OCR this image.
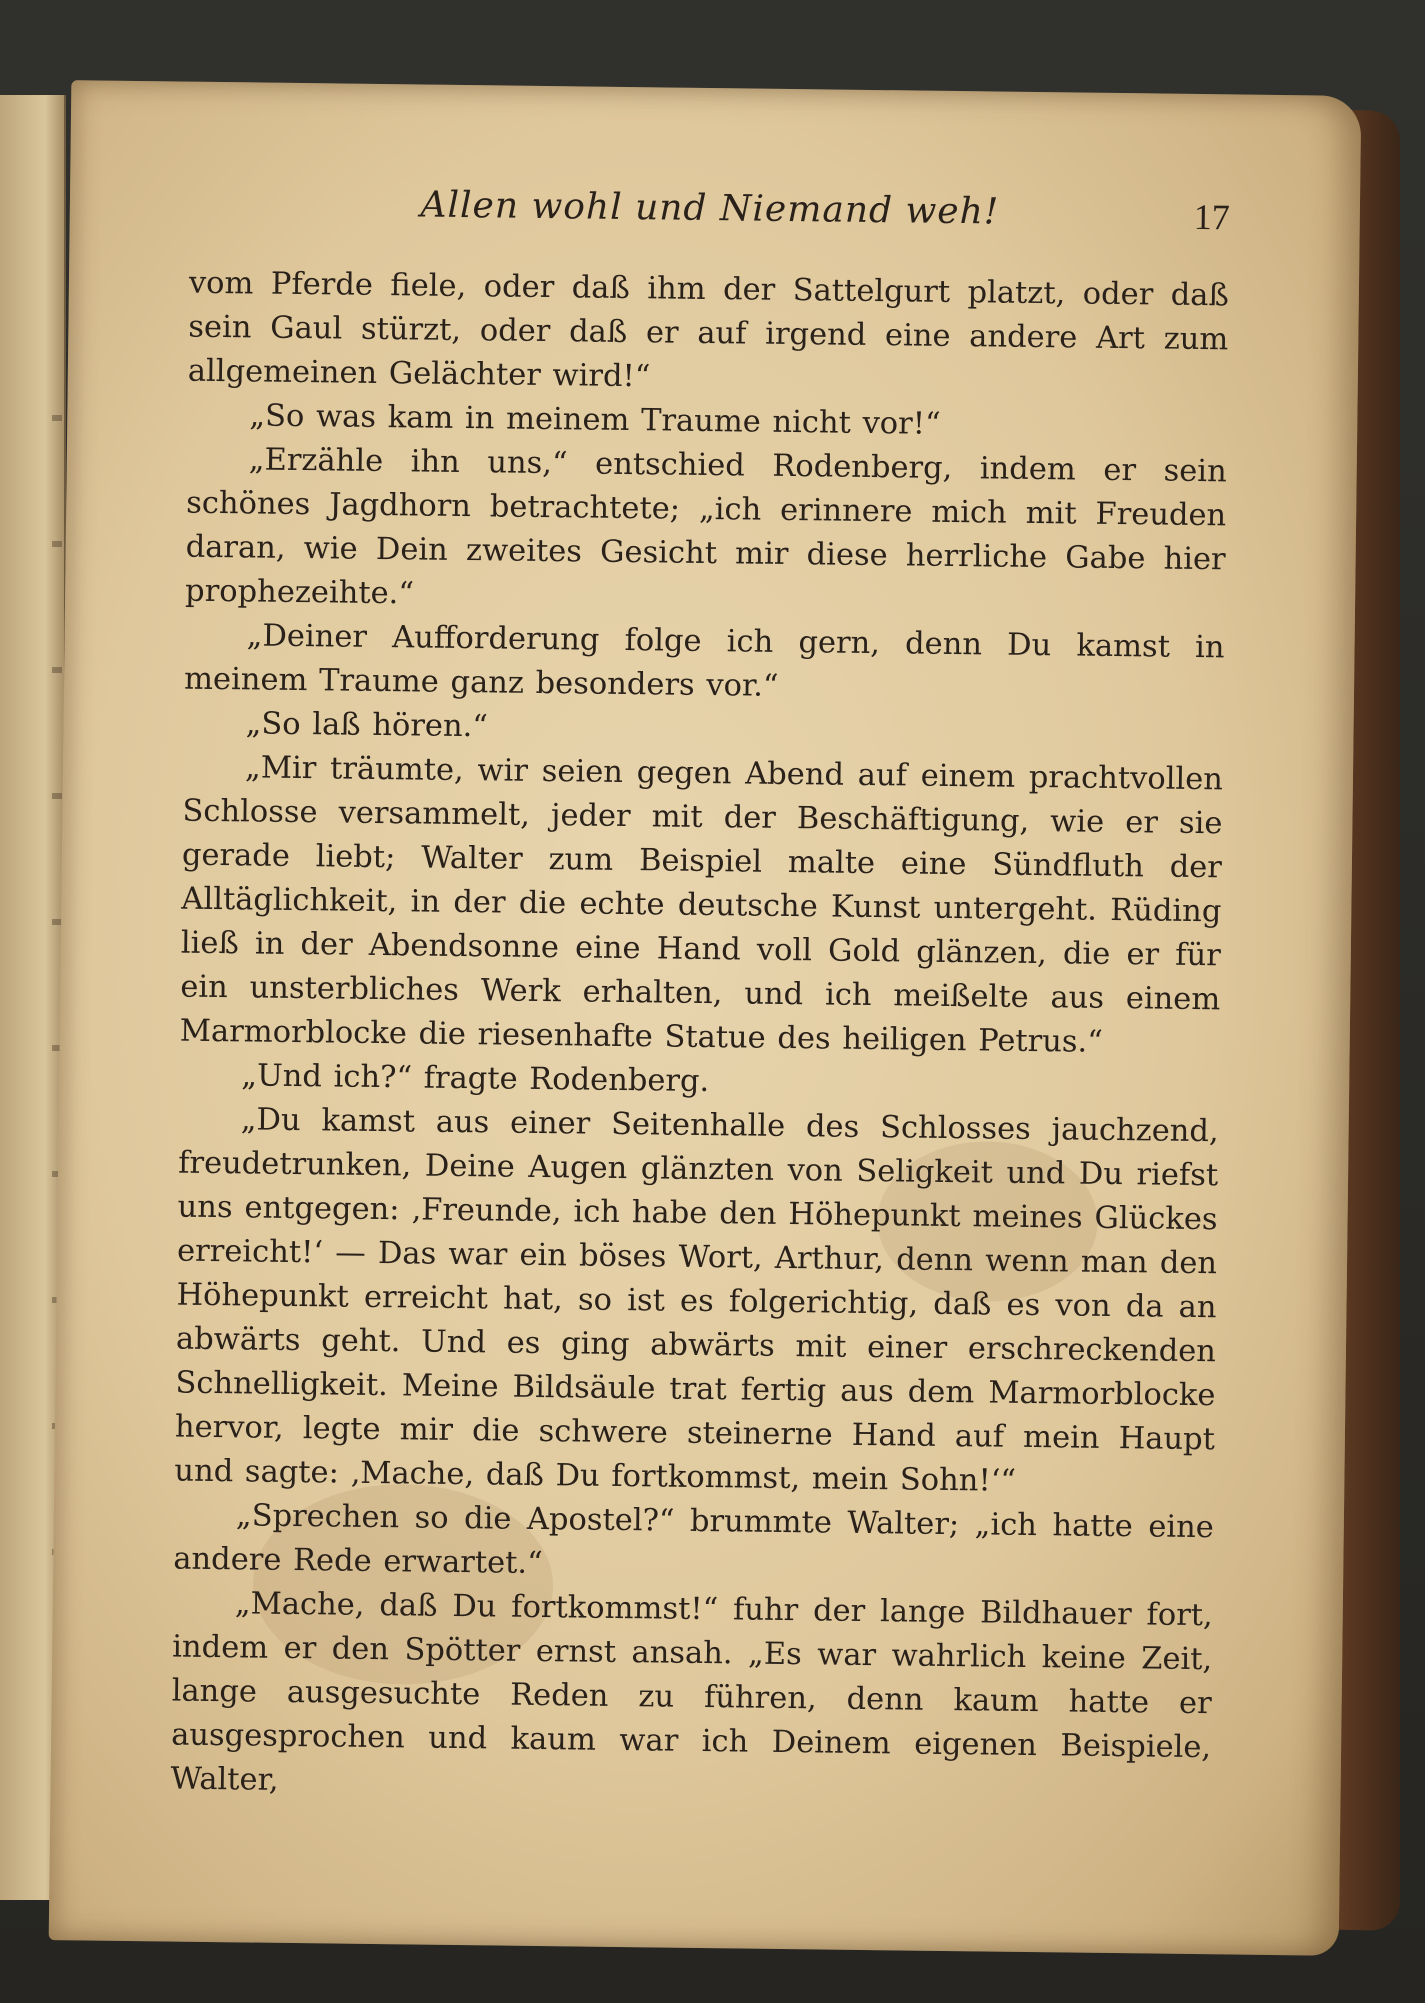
Allen wohl und Niemand weh!	17

vom Pferde fiele, oder daß ihm der Sattelgurt platzt, oder daß sein Gaul stürzt, oder daß er auf irgend eine andere Art zum allgemeinen Gelächter wird!“

„So was kam in meinem Traume nicht vor!“

„Erzähle ihn uns,“ entschied Rodenberg, indem er sein schönes Jagdhorn betrachtete; „ich erinnere mich mit Freuden daran, wie Dein zweites Gesicht mir diese herrliche Gabe hier prophezeihte.“

„Deiner Aufforderung folge ich gern, denn Du kamst in meinem Traume ganz besonders vor.“

„So laß hören.“

„Mir träumte, wir seien gegen Abend auf einem prachtvollen Schlosse versammelt, jeder mit der Beschäftigung, wie er sie gerade liebt; Walter zum Beispiel malte eine Sündfluth der Alltäglichkeit, in der die echte deutsche Kunst untergeht. Rüding ließ in der Abendsonne eine Hand voll Gold glänzen, die er für ein unsterbliches Werk erhalten, und ich meißelte aus einem Marmorblocke die riesenhafte Statue des heiligen Petrus.“

„Und ich?“ fragte Rodenberg.

„Du kamst aus einer Seitenhalle des Schlosses jauchzend, freudetrunken, Deine Augen glänzten von Seligkeit und Du riefst uns entgegen: ‚Freunde, ich habe den Höhepunkt meines Glückes erreicht!‘ — Das war ein böses Wort, Arthur, denn wenn man den Höhepunkt erreicht hat, so ist es folgerichtig, daß es von da an abwärts geht. Und es ging abwärts mit einer erschreckenden Schnelligkeit. Meine Bildsäule trat fertig aus dem Marmorblocke hervor, legte mir die schwere steinerne Hand auf mein Haupt und sagte: ‚Mache, daß Du fortkommst, mein Sohn!‘“

„Sprechen so die Apostel?“ brummte Walter; „ich hatte eine andere Rede erwartet.“

„Mache, daß Du fortkommst!“ fuhr der lange Bildhauer fort, indem er den Spötter ernst ansah. „Es war wahrlich keine Zeit, lange ausgesuchte Reden zu führen, denn kaum hatte er ausgesprochen und kaum war ich Deinem eigenen Beispiele, Walter,
